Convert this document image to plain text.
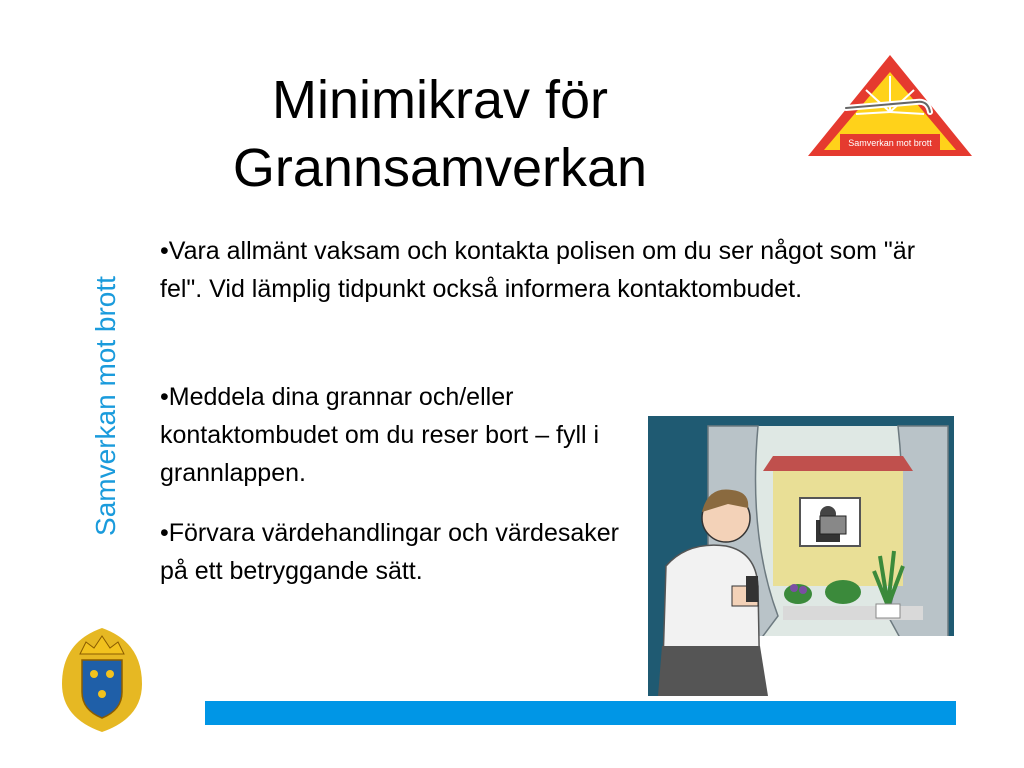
Minimikrav för
Grannsamverkan	Samverkan mot brott
Samverkan mot brott
•Vara allmänt vaksam och kontakta polisen om du ser något som "är fel". Vid lämplig tidpunkt också informera kontaktombudet.
•Meddela dina grannar och/eller kontaktombudet om du reser bort – fyll i grannlappen.
•Förvara värdehandlingar och värdesaker på ett betryggande sätt.
